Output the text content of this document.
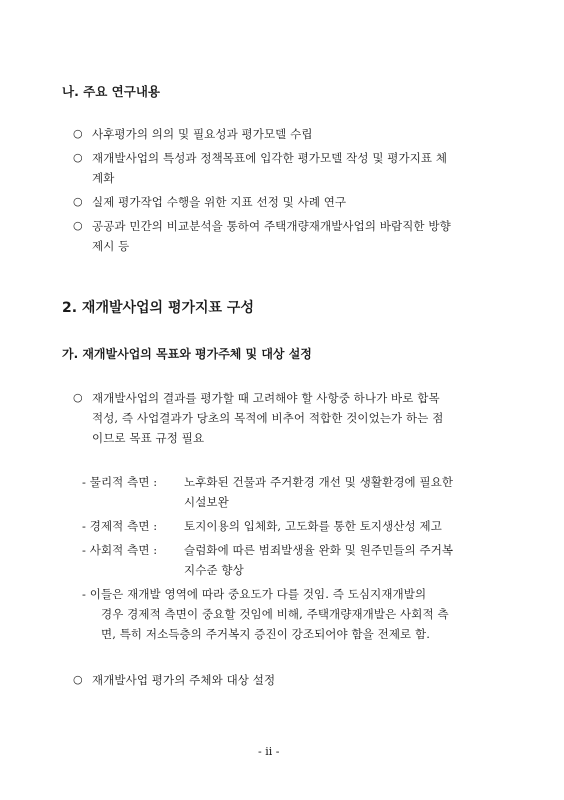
나. 주요 연구내용
○ 사후평가의 의의 및 필요성과 평가모델 수립
○ 재개발사업의 특성과 정책목표에 입각한 평가모델 작성 및 평가지표 체
계화
○ 실제 평가작업 수행을 위한 지표 선정 및 사례 연구
○ 공공과 민간의 비교분석을 통하여 주택개량재개발사업의 바람직한 방향
제시 등
2. 재개발사업의 평가지표 구성
가. 재개발사업의 목표와 평가주체 및 대상 설정
○ 재개발사업의 결과를 평가할 때 고려해야 할 사항중 하나가 바로 합목
적성, 즉 사업결과가 당초의 목적에 비추어 적합한 것이었는가 하는 점
이므로 목표 규정 필요
- 물리적 측면 : 노후화된 건물과 주거환경 개선 및 생활환경에 필요한
시설보완
- 경제적 측면 : 토지이용의 입체화, 고도화를 통한 토지생산성 제고
- 사회적 측면 : 슬럼화에 따른 범죄발생율 완화 및 원주민들의 주거복
지수준 향상
- 이들은 재개발 영역에 따라 중요도가 다를 것임. 즉 도심지재개발의
경우 경제적 측면이 중요할 것임에 비해, 주택개량재개발은 사회적 측
면, 특히 저소득층의 주거복지 증진이 강조되어야 함을 전제로 함.
○ 재개발사업 평가의 주체와 대상 설정
- ii -
